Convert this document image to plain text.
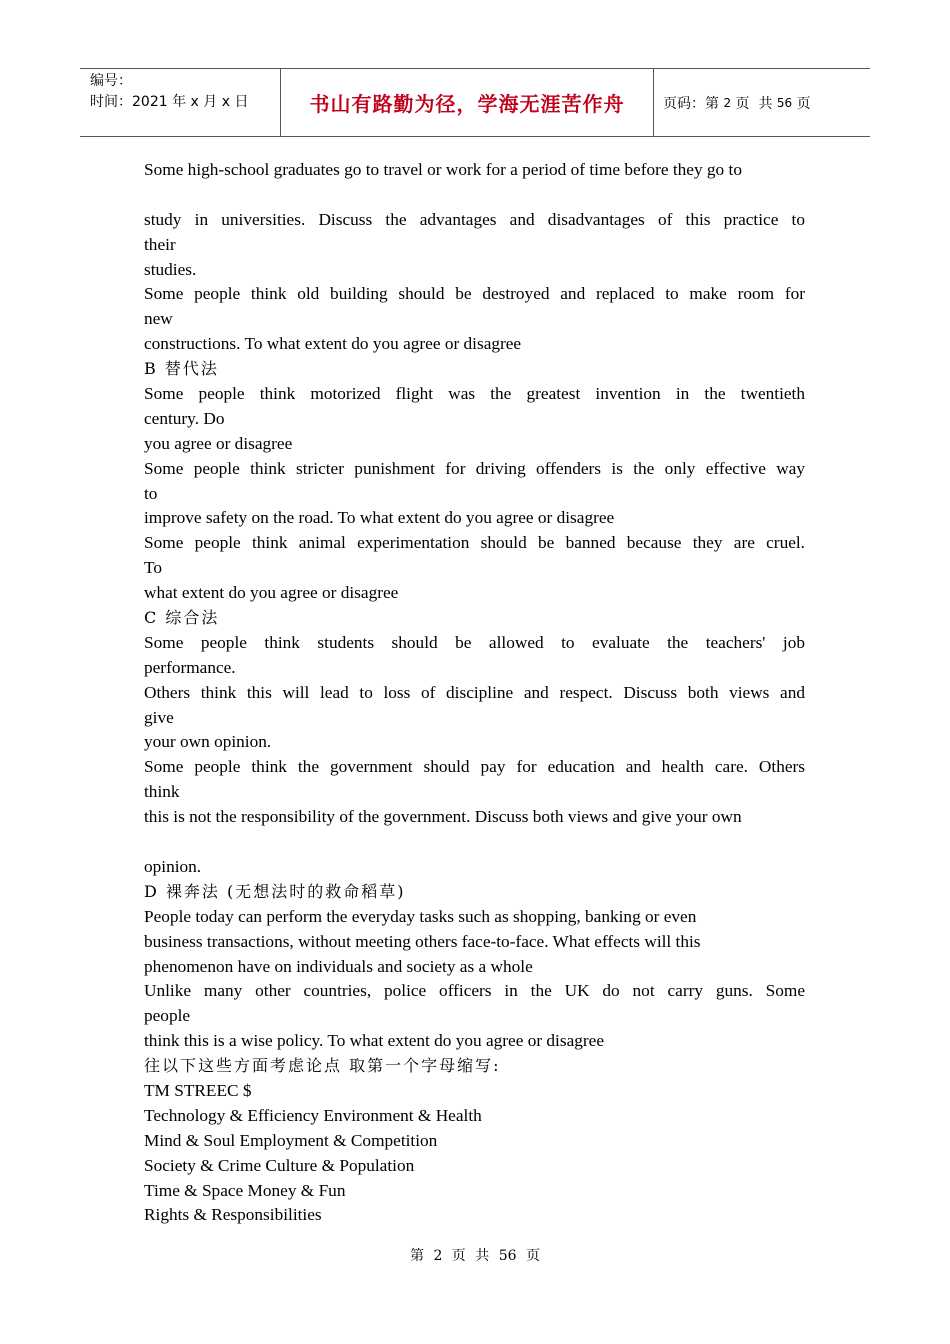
编号：
时间：2021 年 x 月 x 日	书山有路勤为径，学海无涯苦作舟	页码：第 2 页  共 56 页
Some high-school graduates go to travel or work for a period of time before they go to
study in universities. Discuss the advantages and disadvantages of this practice to
their
studies.
Some people think old building should be destroyed and replaced to make room for
new
constructions. To what extent do you agree or disagree
B 替代法
Some people think motorized flight was the greatest invention in the twentieth
century. Do
you agree or disagree
Some people think stricter punishment for driving offenders is the only effective way
to
improve safety on the road. To what extent do you agree or disagree
Some people think animal experimentation should be banned because they are cruel.
To
what extent do you agree or disagree
C 综合法
Some people think students should be allowed to evaluate the teachers' job
performance.
Others think this will lead to loss of discipline and respect. Discuss both views and
give
your own opinion.
Some people think the government should pay for education and health care. Others
think
this is not the responsibility of the government. Discuss both views and give your own
opinion.
D 裸奔法 (无想法时的救命稻草)
People today can perform the everyday tasks such as shopping, banking or even
business transactions, without meeting others face-to-face. What effects will this
phenomenon have on individuals and society as a whole
Unlike many other countries, police officers in the UK do not carry guns. Some
people
think this is a wise policy. To what extent do you agree or disagree
往以下这些方面考虑论点 取第一个字母缩写:
TM STREEC $
Technology & Efficiency Environment & Health
Mind & Soul Employment & Competition
Society & Crime Culture & Population
Time & Space Money & Fun
Rights & Responsibilities
第 2 页 共 56 页
